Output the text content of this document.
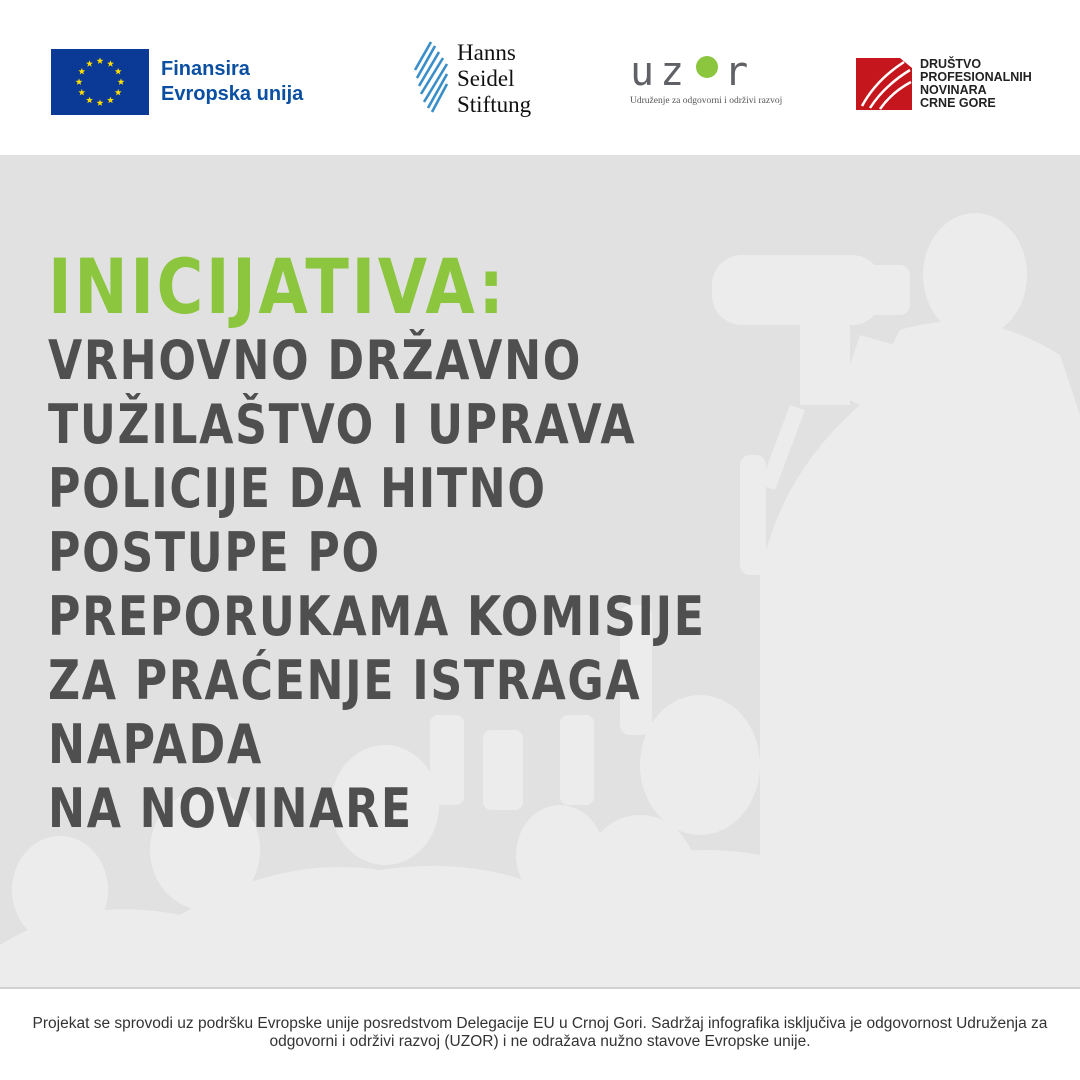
Finansira
Evropska unija
Hanns
Seidel
Stiftung
uz r
Udruženje za odgovorni i održivi razvoj
DRUŠTVO
PROFESIONALNIH
NOVINARA
CRNE GORE
INICIJATIVA:
VRHOVNO DRŽAVNO
TUŽILAŠTVO I UPRAVA
POLICIJE DA HITNO
POSTUPE PO
PREPORUKAMA KOMISIJE
ZA PRAĆENJE ISTRAGA
NAPADA
NA NOVINARE
Projekat se sprovodi uz podršku Evropske unije posredstvom Delegacije EU u Crnoj Gori. Sadržaj infografika isključiva je odgovornost Udruženja za odgovorni i održivi razvoj (UZOR) i ne odražava nužno stavove Evropske unije.
